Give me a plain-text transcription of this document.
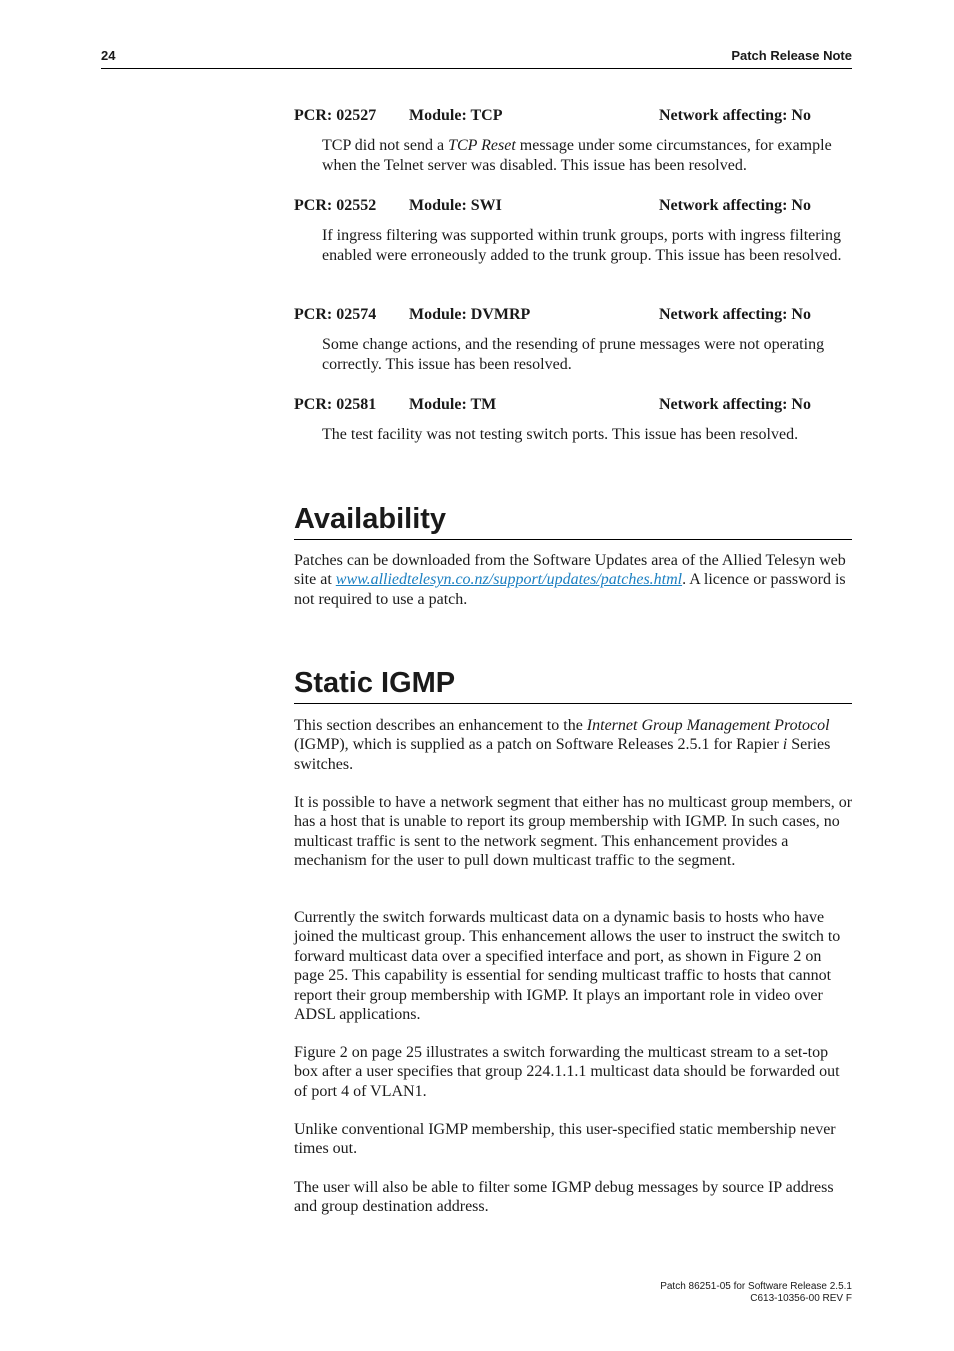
24	Patch Release Note
PCR: 02527 Module: TCP	Network affecting: No
TCP did not send a TCP Reset message under some circumstances, for example when the Telnet server was disabled. This issue has been resolved.
PCR: 02552 Module: SWI	Network affecting: No
If ingress filtering was supported within trunk groups, ports with ingress filtering enabled were erroneously added to the trunk group. This issue has been resolved.
PCR: 02574 Module: DVMRP	Network affecting: No
Some change actions, and the resending of prune messages were not operating correctly. This issue has been resolved.
PCR: 02581 Module: TM	Network affecting: No
The test facility was not testing switch ports. This issue has been resolved.
Availability
Patches can be downloaded from the Software Updates area of the Allied Telesyn web site at www.alliedtelesyn.co.nz/support/updates/patches.html. A licence or password is not required to use a patch.
Static IGMP
This section describes an enhancement to the Internet Group Management Protocol (IGMP), which is supplied as a patch on Software Releases 2.5.1 for Rapier i Series switches.
It is possible to have a network segment that either has no multicast group members, or has a host that is unable to report its group membership with IGMP. In such cases, no multicast traffic is sent to the network segment. This enhancement provides a mechanism for the user to pull down multicast traffic to the segment.
Currently the switch forwards multicast data on a dynamic basis to hosts who have joined the multicast group. This enhancement allows the user to instruct the switch to forward multicast data over a specified interface and port, as shown in Figure 2 on page 25. This capability is essential for sending multicast traffic to hosts that cannot report their group membership with IGMP. It plays an important role in video over ADSL applications.
Figure 2 on page 25 illustrates a switch forwarding the multicast stream to a set-top box after a user specifies that group 224.1.1.1 multicast data should be forwarded out of port 4 of VLAN1.
Unlike conventional IGMP membership, this user-specified static membership never times out.
The user will also be able to filter some IGMP debug messages by source IP address and group destination address.
Patch 86251-05 for Software Release 2.5.1
C613-10356-00 REV F
